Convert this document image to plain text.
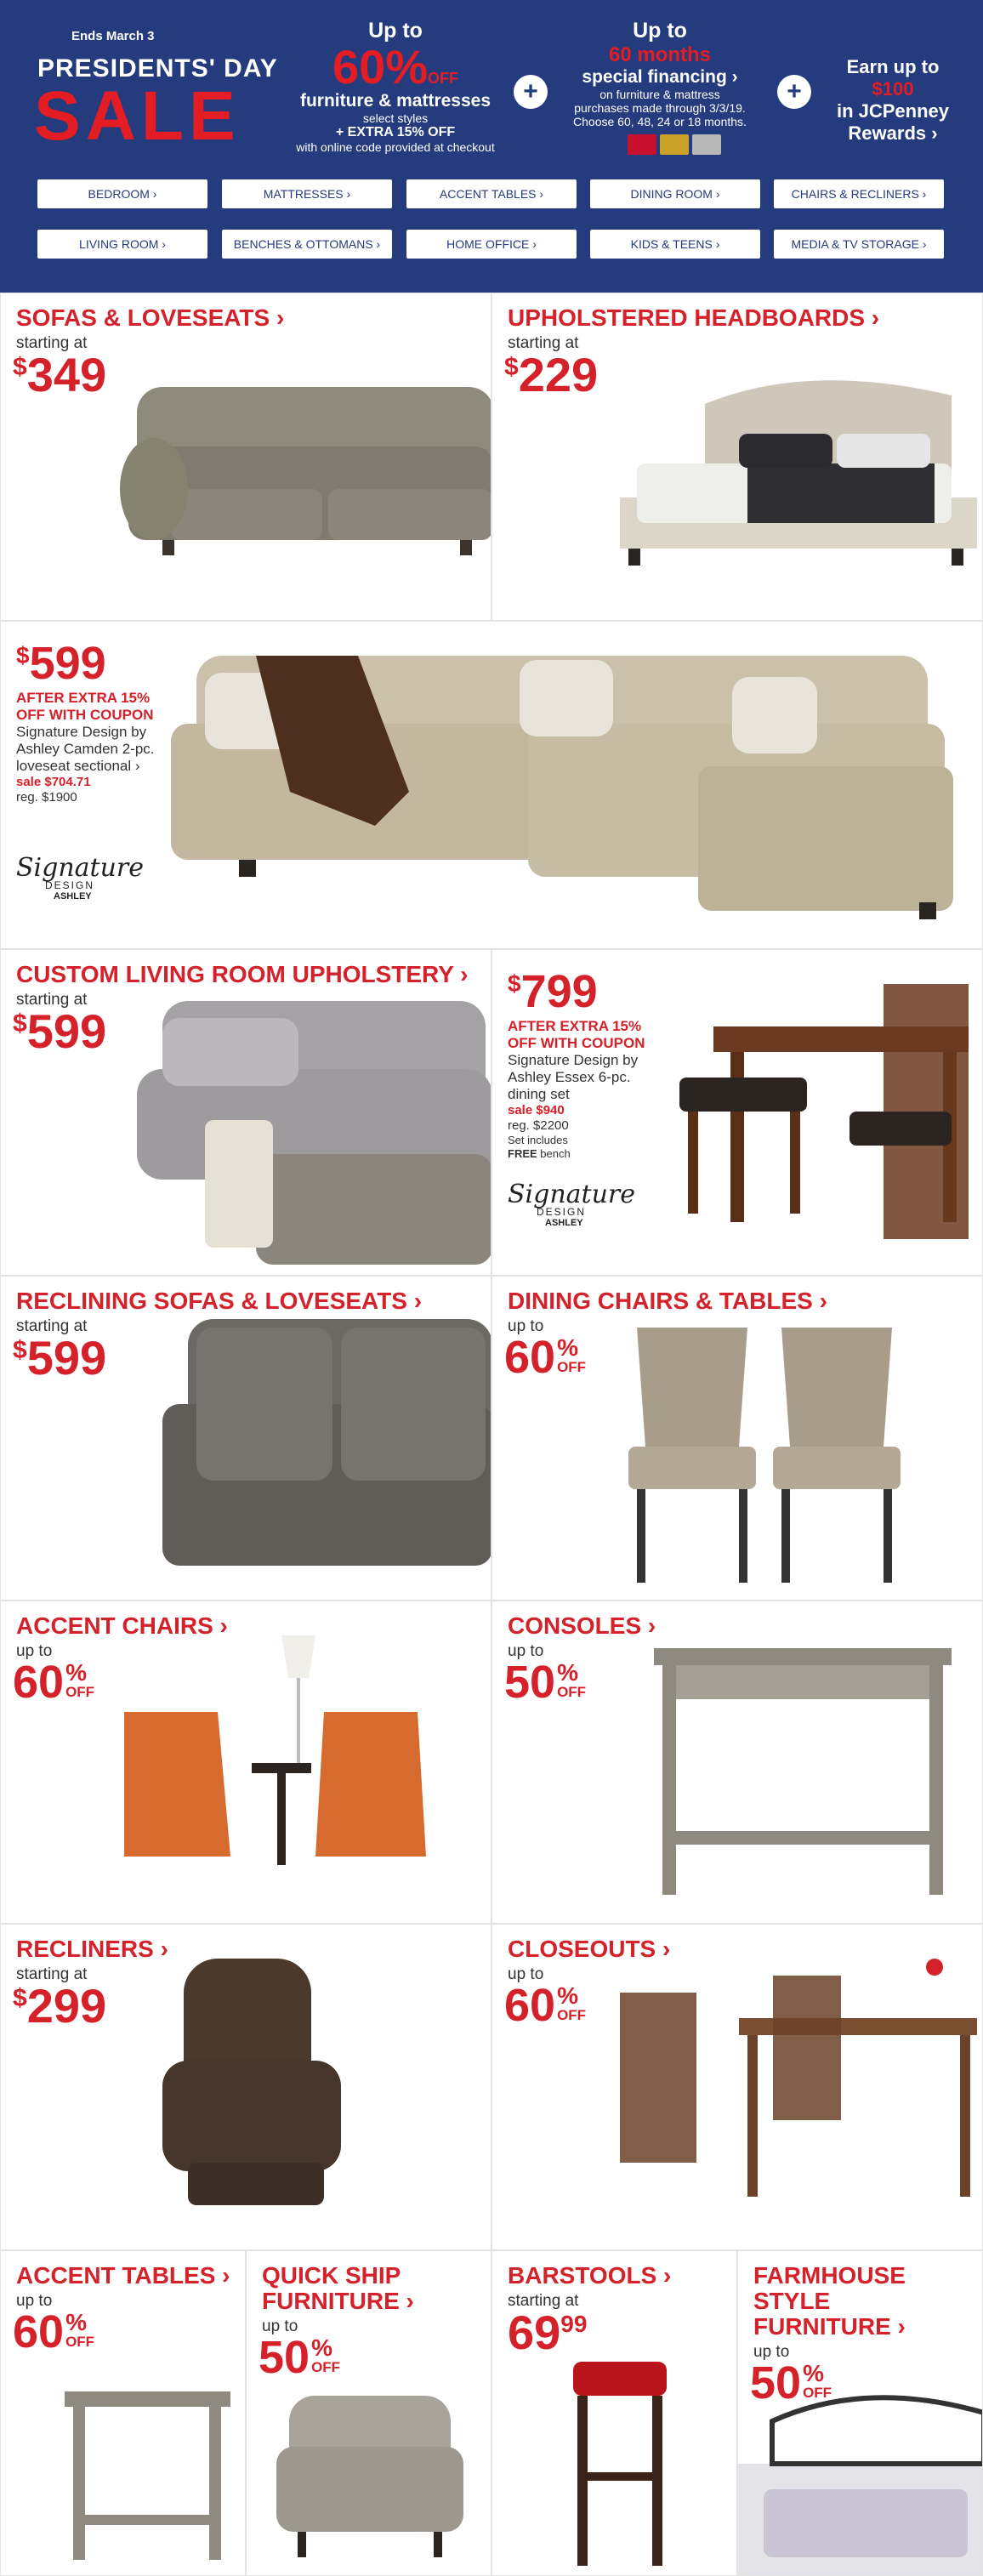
Ends March 3
PRESIDENTS' DAY
SALE
Up to
60%OFF
furniture & mattresses
select styles
+ EXTRA 15% OFF
with online code provided at checkout
+
Up to
60 months
special financing ›
on furniture & mattress
purchases made through 3/3/19.
Choose 60, 48, 24 or 18 months.
+
Earn up to
$100
in JCPenney
Rewards ›
BEDROOM ›	MATTRESSES ›	ACCENT TABLES ›	DINING ROOM ›	CHAIRS & RECLINERS ›
LIVING ROOM ›	BENCHES & OTTOMANS ›	HOME OFFICE ›	KIDS & TEENS ›	MEDIA & TV STORAGE ›
SOFAS & LOVESEATS ›
starting at
$349
UPHOLSTERED HEADBOARDS ›
starting at
$229
$599
AFTER EXTRA 15% OFF WITH COUPON
Signature Design by Ashley Camden 2-pc. loveseat sectional ›
sale $704.71
reg. $1900
Signature
DESIGN
ASHLEY
CUSTOM LIVING ROOM UPHOLSTERY ›
starting at
$599
$799
AFTER EXTRA 15% OFF WITH COUPON
Signature Design by Ashley Essex 6-pc. dining set
sale $940
reg. $2200
Set includes
FREE bench
Signature
DESIGN
ASHLEY
RECLINING SOFAS & LOVESEATS ›
starting at
$599
DINING CHAIRS & TABLES ›
up to
60 %
OFF
ACCENT CHAIRS ›
up to
60 %
OFF
CONSOLES ›
up to
50 %
OFF
RECLINERS ›
starting at
$299
CLOSEOUTS ›
up to
60 %
OFF
ACCENT TABLES ›
up to
60 %
OFF
QUICK SHIP
FURNITURE ›
up to
50 %
OFF
BARSTOOLS ›
starting at
$69^{99}$
FARMHOUSE
STYLE
FURNITURE ›
up to
50 %
OFF
